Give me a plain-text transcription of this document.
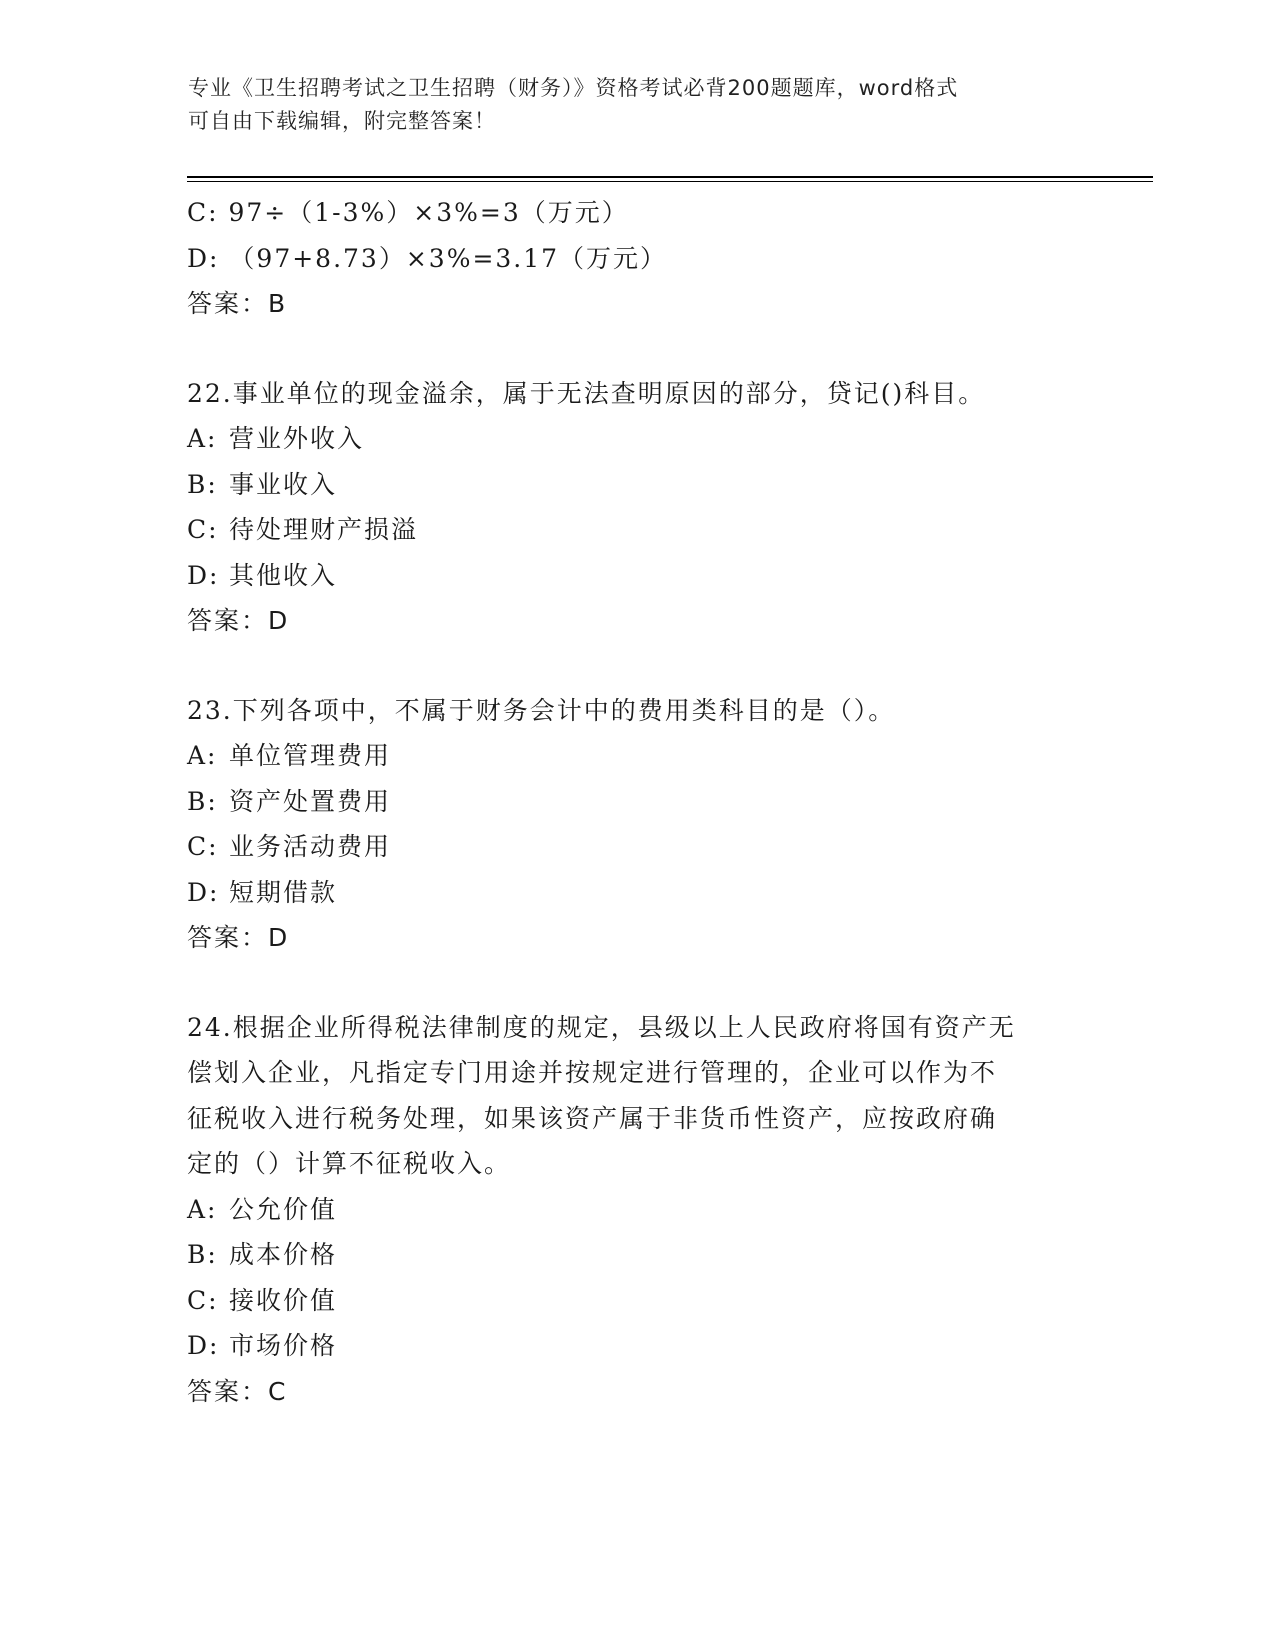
专业《卫生招聘考试之卫生招聘（财务）》资格考试必背200题题库，word格式
可自由下载编辑，附完整答案！
C: 97÷（1-3%）×3%=3（万元）
D: （97+8.73）×3%=3.17（万元）
答案：B
22.事业单位的现金溢余，属于无法查明原因的部分，贷记()科目。
A: 营业外收入
B: 事业收入
C: 待处理财产损溢
D: 其他收入
答案：D
23.下列各项中，不属于财务会计中的费用类科目的是（）。
A: 单位管理费用
B: 资产处置费用
C: 业务活动费用
D: 短期借款
答案：D
24.根据企业所得税法律制度的规定，县级以上人民政府将国有资产无
偿划入企业，凡指定专门用途并按规定进行管理的，企业可以作为不
征税收入进行税务处理，如果该资产属于非货币性资产，应按政府确
定的（）计算不征税收入。
A: 公允价值
B: 成本价格
C: 接收价值
D: 市场价格
答案：C
